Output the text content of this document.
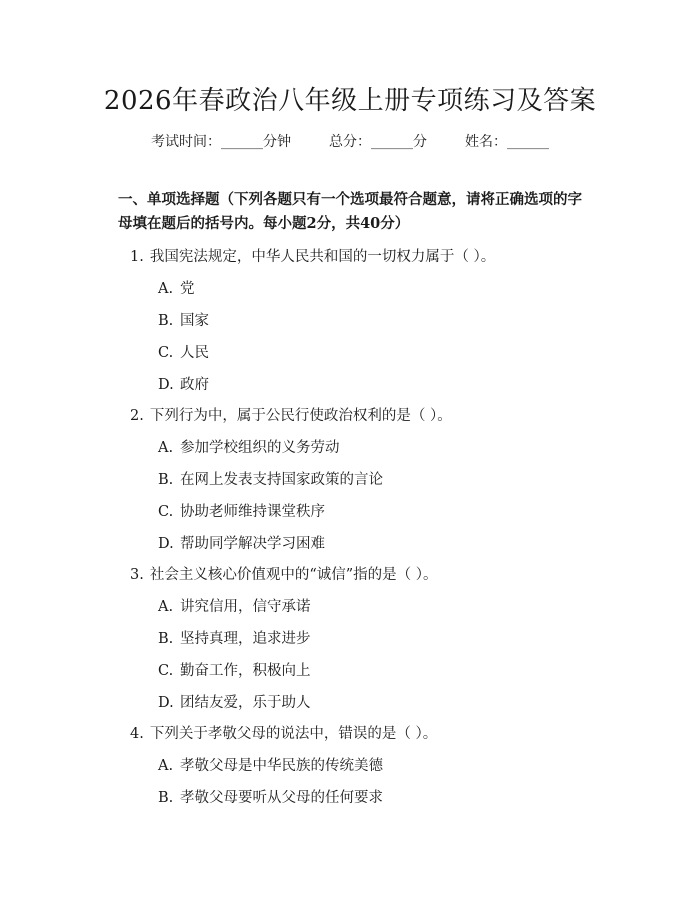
2026年春政治八年级上册专项练习及答案
考试时间：______分钟	总分：______分	姓名：______
一、单项选择题（下列各题只有一个选项最符合题意，请将正确选项的字母填在题后的括号内。每小题2分，共40分）
1. 我国宪法规定，中华人民共和国的一切权力属于（ ）。
A. 党
B. 国家
C. 人民
D. 政府
2. 下列行为中，属于公民行使政治权利的是（ ）。
A. 参加学校组织的义务劳动
B. 在网上发表支持国家政策的言论
C. 协助老师维持课堂秩序
D. 帮助同学解决学习困难
3. 社会主义核心价值观中的“诚信”指的是（ ）。
A. 讲究信用，信守承诺
B. 坚持真理，追求进步
C. 勤奋工作，积极向上
D. 团结友爱，乐于助人
4. 下列关于孝敬父母的说法中，错误的是（ ）。
A. 孝敬父母是中华民族的传统美德
B. 孝敬父母要听从父母的任何要求
